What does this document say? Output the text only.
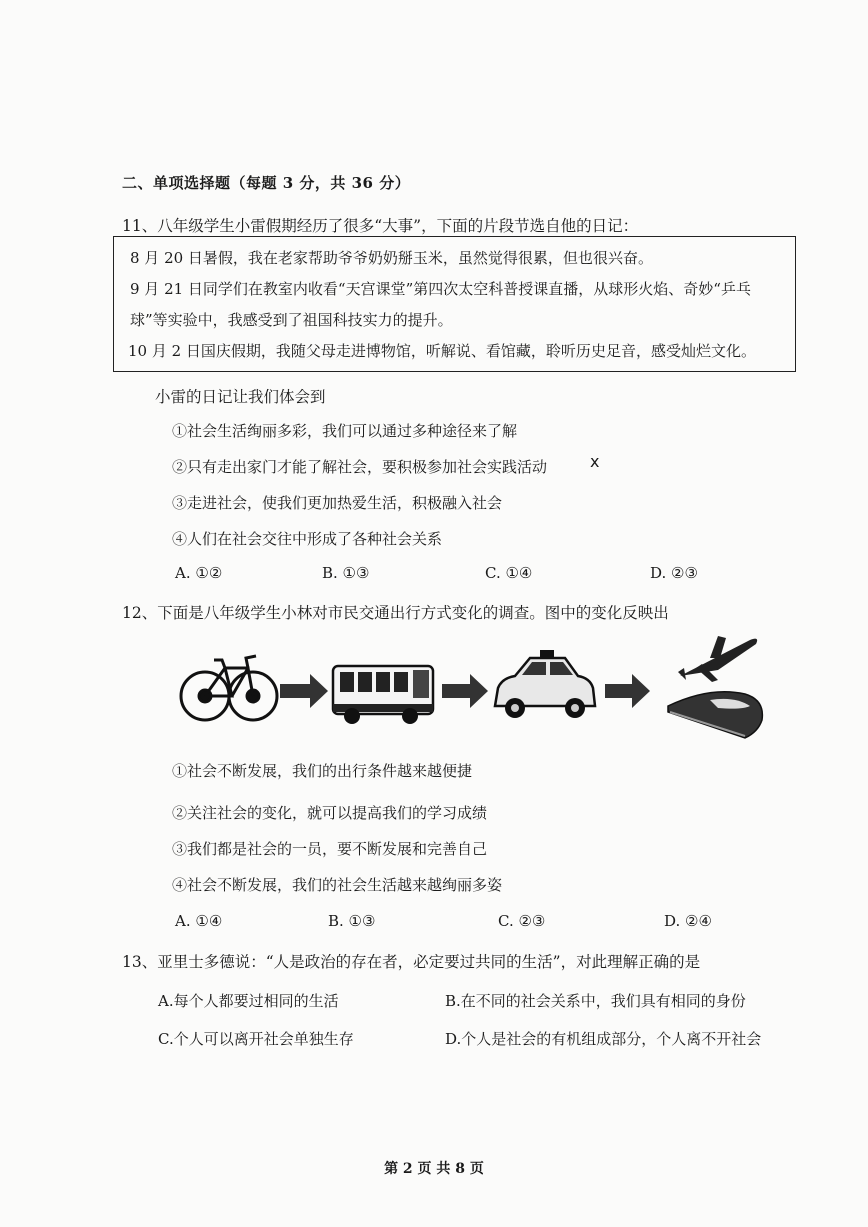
二、单项选择题（每题 3 分，共 36 分）
11、八年级学生小雷假期经历了很多“大事”，下面的片段节选自他的日记：
8 月 20 日暑假，我在老家帮助爷爷奶奶掰玉米，虽然觉得很累，但也很兴奋。
9 月 21 日同学们在教室内收看“天宫课堂”第四次太空科普授课直播，从球形火焰、奇妙“乒乓
球”等实验中，我感受到了祖国科技实力的提升。
10 月 2 日国庆假期，我随父母走进博物馆，听解说、看馆藏，聆听历史足音，感受灿烂文化。
小雷的日记让我们体会到
①社会生活绚丽多彩，我们可以通过多种途径来了解
②只有走出家门才能了解社会，要积极参加社会实践活动	x
③走进社会，使我们更加热爱生活，积极融入社会
④人们在社会交往中形成了各种社会关系
A. ①②	B. ①③	C. ①④	D. ②③
12、下面是八年级学生小林对市民交通出行方式变化的调查。图中的变化反映出
①社会不断发展，我们的出行条件越来越便捷
②关注社会的变化，就可以提高我们的学习成绩
③我们都是社会的一员，要不断发展和完善自己
④社会不断发展，我们的社会生活越来越绚丽多姿
A. ①④	B. ①③	C. ②③	D. ②④
13、亚里士多德说：“人是政治的存在者，必定要过共同的生活”，对此理解正确的是
A.每个人都要过相同的生活	B.在不同的社会关系中，我们具有相同的身份
C.个人可以离开社会单独生存	D.个人是社会的有机组成部分，个人离不开社会
第 2 页 共 8 页
